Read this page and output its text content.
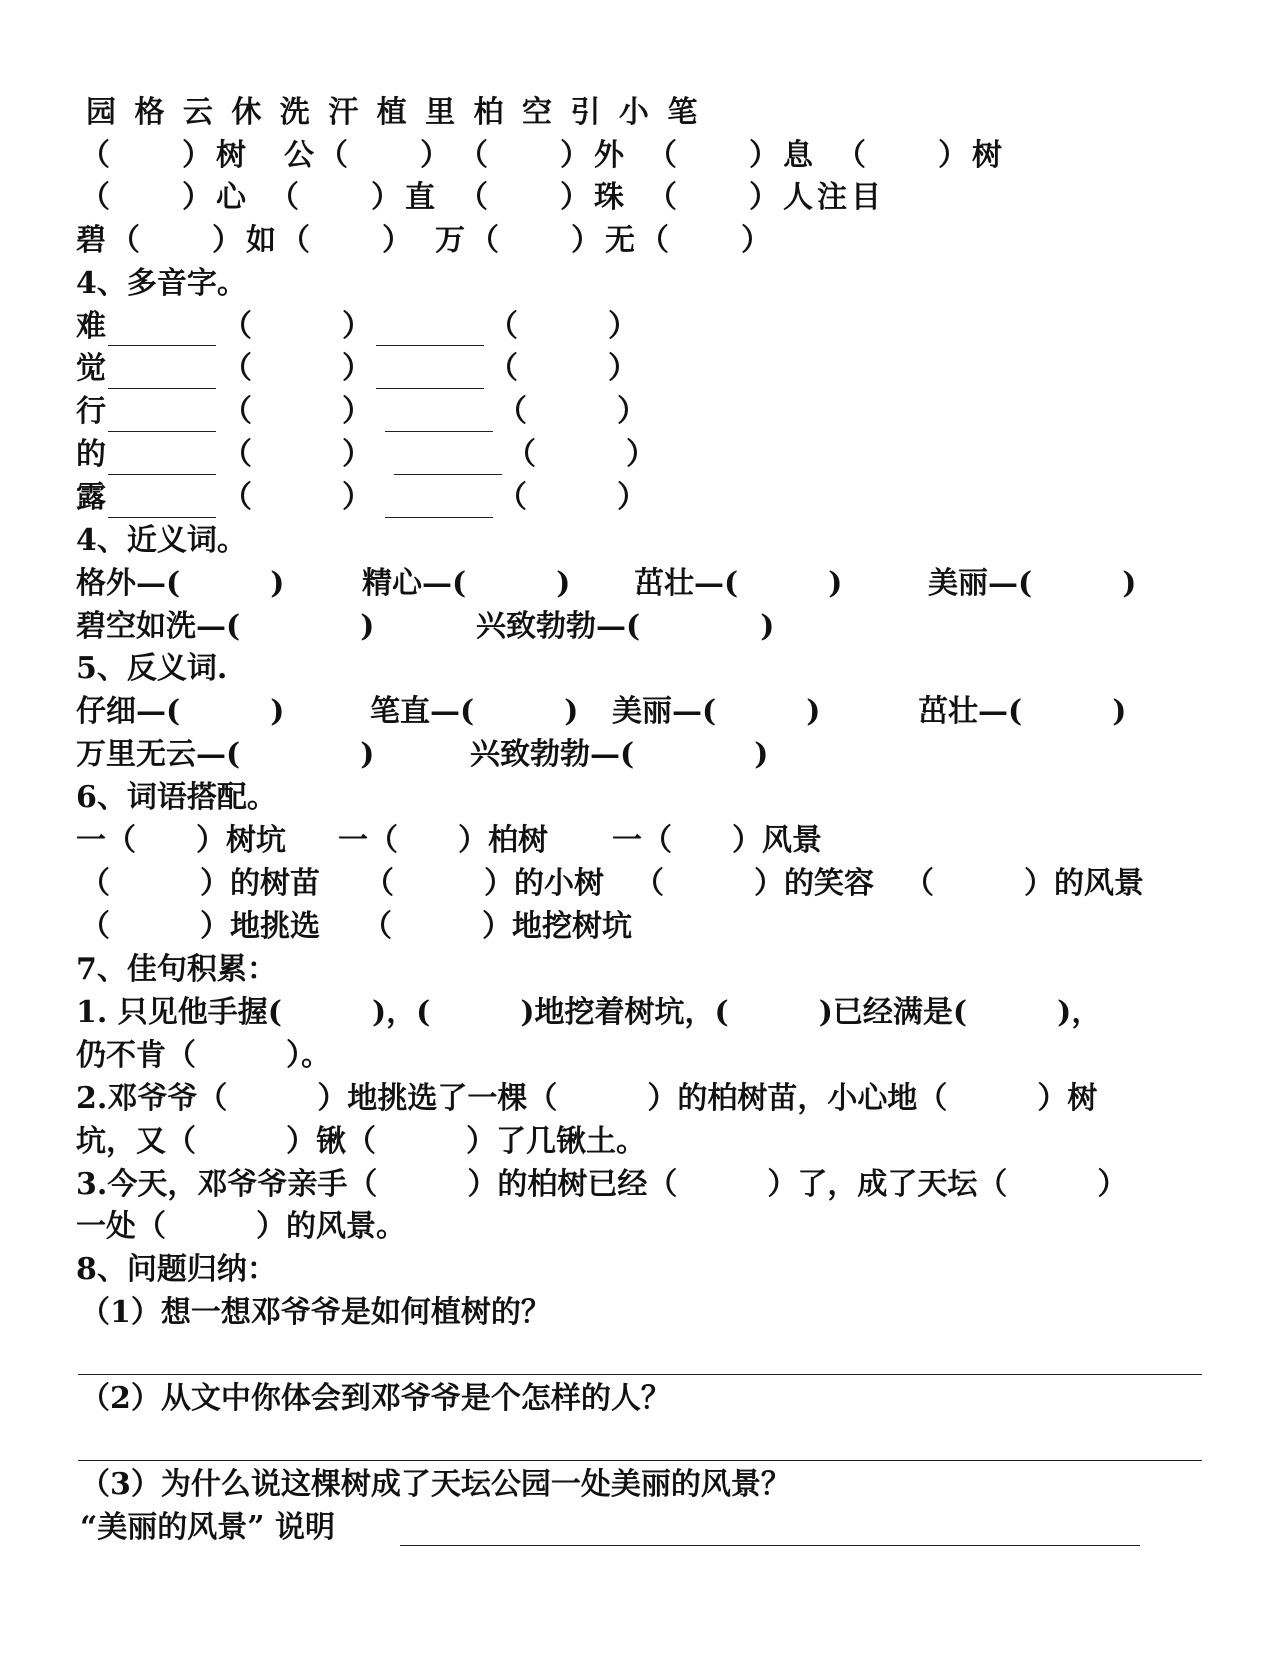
园 格 云 休 洗 汗 植 里 柏 空 引 小 笔
（　　）树　公（　　）　（　　）外　（　　）息　（　　）树
（　　）心　（　　）直　（　　）珠　（　　）人注目
碧（　　）如（　　）　万（　　）无（　　）
4、多音字。
难	（　　　）	（　　　）
觉	（　　　）	（　　　）
行	（　　　）	（　　　）
的	（　　　）	（　　　）
露	（　　　）	（　　　）
4、近义词。
格外—(　　　)	精心—(　　　) 茁壮—(　　　)	美丽—(　　　)
碧空如洗—(　　　　)	兴致勃勃—(　　　　)
5、反义词.
仔细—(　　　)	笔直—(　　　) 美丽—(　　　)	茁壮—(　　　)
万里无云—(　　　　)	兴致勃勃—(　　　　)
6、词语搭配。
一（　　）树坑 一（　　）柏树 一（　　）风景
（　　　）的树苗 （　　　）的小树 （　　　）的笑容 （　　　）的风景
（　　　）地挑选 （　　　）地挖树坑
7、佳句积累：
1. 只见他手握(　　　)，(　　　)地挖着树坑，(　　　)已经满是(　　　)，
仍不肯（　　　）。
2.邓爷爷（　　　）地挑选了一棵（　　　）的柏树苗，小心地（　　　）树
坑，又（　　　）锹（　　　）了几锹土。
3.今天，邓爷爷亲手（　　　）的柏树已经（　　　）了，成了天坛（　　　）
一处（　　　）的风景。
8、问题归纳：
（1）想一想邓爷爷是如何植树的？
（2）从文中你体会到邓爷爷是个怎样的人？
（3）为什么说这棵树成了天坛公园一处美丽的风景？
“美丽的风景” 说明
